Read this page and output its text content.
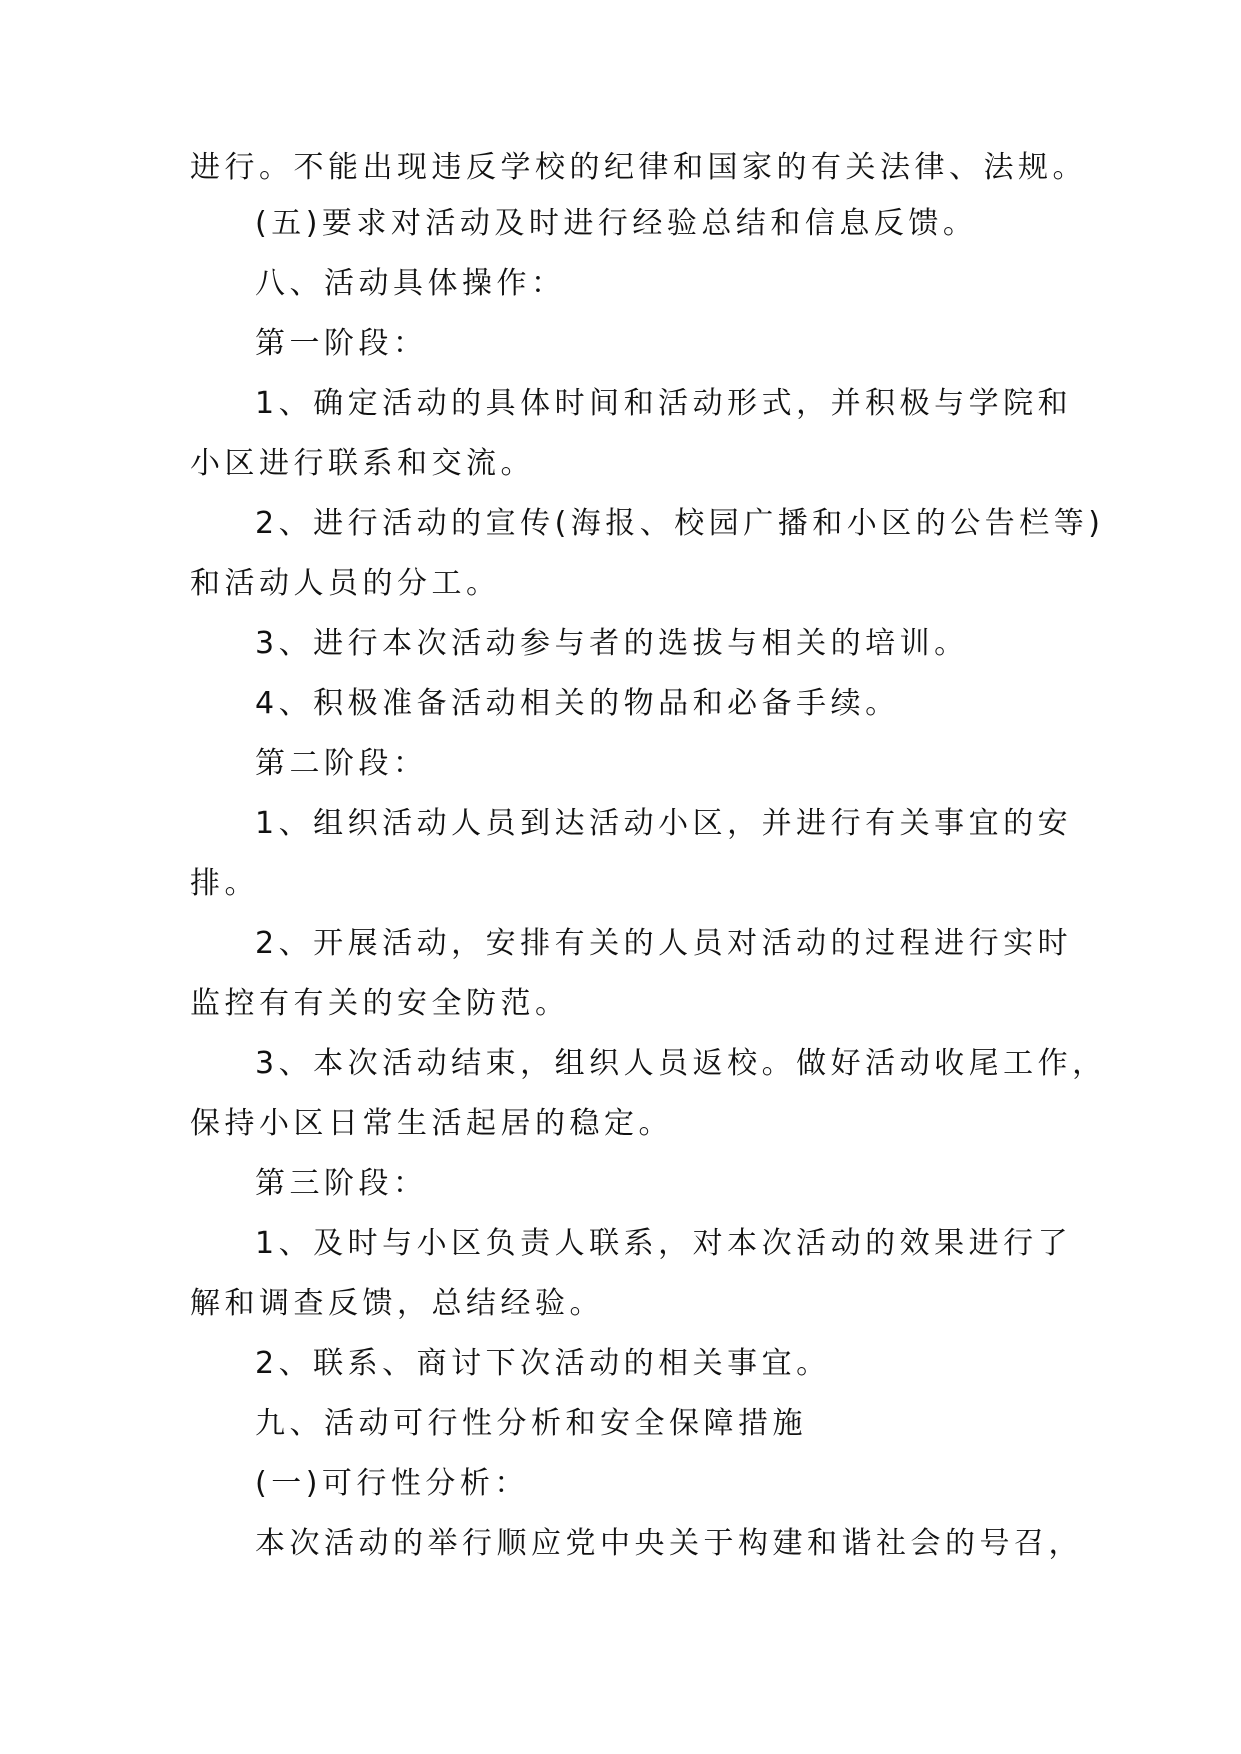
进行。不能出现违反学校的纪律和国家的有关法律、法规。

(五)要求对活动及时进行经验总结和信息反馈。

八、活动具体操作：

第一阶段：

1、确定活动的具体时间和活动形式，并积极与学院和

小区进行联系和交流。

2、进行活动的宣传(海报、校园广播和小区的公告栏等)

和活动人员的分工。

3、进行本次活动参与者的选拔与相关的培训。

4、积极准备活动相关的物品和必备手续。

第二阶段：

1、组织活动人员到达活动小区，并进行有关事宜的安

排。

2、开展活动，安排有关的人员对活动的过程进行实时

监控有有关的安全防范。

3、本次活动结束，组织人员返校。做好活动收尾工作，

保持小区日常生活起居的稳定。

第三阶段：

1、及时与小区负责人联系，对本次活动的效果进行了

解和调查反馈，总结经验。

2、联系、商讨下次活动的相关事宜。

九、活动可行性分析和安全保障措施

(一)可行性分析：

本次活动的举行顺应党中央关于构建和谐社会的号召，
